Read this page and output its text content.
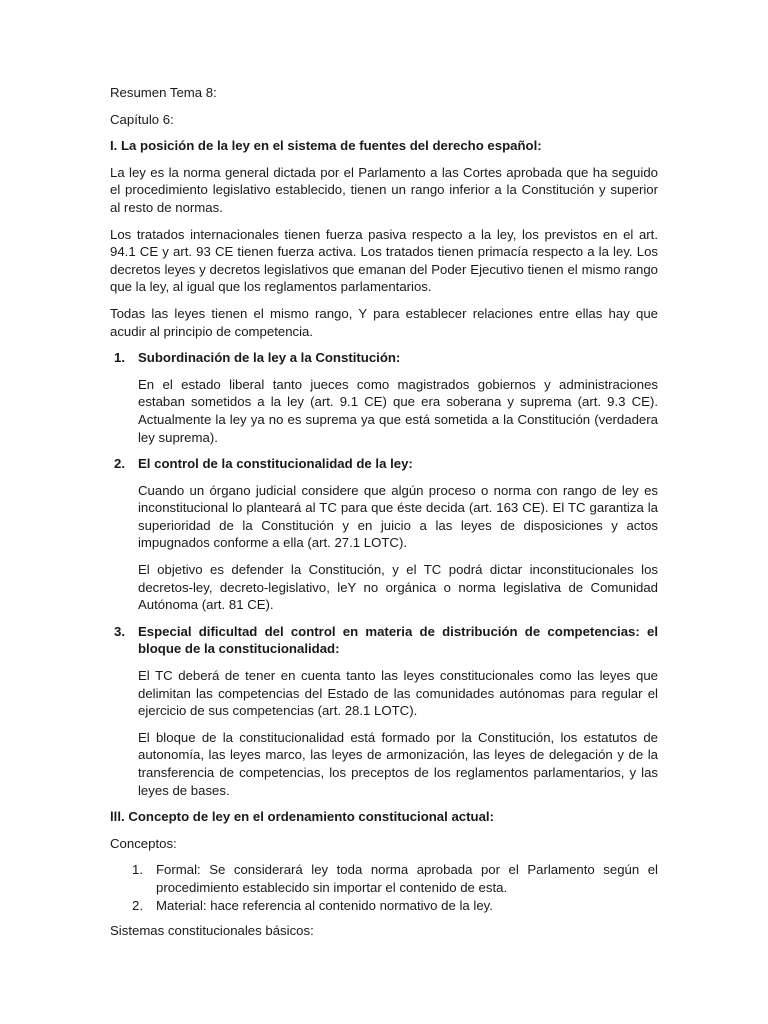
Resumen Tema 8:

Capítulo 6:

I. La posición de la ley en el sistema de fuentes del derecho español:

La ley es la norma general dictada por el Parlamento a las Cortes aprobada que ha seguido el procedimiento legislativo establecido, tienen un rango inferior a la Constitución y superior al resto de normas.

Los tratados internacionales tienen fuerza pasiva respecto a la ley, los previstos en el art. 94.1 CE y art. 93 CE tienen fuerza activa. Los tratados tienen primacía respecto a la ley. Los decretos leyes y decretos legislativos que emanan del Poder Ejecutivo tienen el mismo rango que la ley, al igual que los reglamentos parlamentarios.

Todas las leyes tienen el mismo rango, Y para establecer relaciones entre ellas hay que acudir al principio de competencia.

1. Subordinación de la ley a la Constitución:

En el estado liberal tanto jueces como magistrados gobiernos y administraciones estaban sometidos a la ley (art. 9.1 CE) que era soberana y suprema (art. 9.3 CE). Actualmente la ley ya no es suprema ya que está sometida a la Constitución (verdadera ley suprema).

2. El control de la constitucionalidad de la ley:

Cuando un órgano judicial considere que algún proceso o norma con rango de ley es inconstitucional lo planteará al TC para que éste decida (art. 163 CE). El TC garantiza la superioridad de la Constitución y en juicio a las leyes de disposiciones y actos impugnados conforme a ella (art. 27.1 LOTC).

El objetivo es defender la Constitución, y el TC podrá dictar inconstitucionales los decretos-ley, decreto-legislativo, leY no orgánica o norma legislativa de Comunidad Autónoma (art. 81 CE).

3. Especial dificultad del control en materia de distribución de competencias: el bloque de la constitucionalidad:

El TC deberá de tener en cuenta tanto las leyes constitucionales como las leyes que delimitan las competencias del Estado de las comunidades autónomas para regular el ejercicio de sus competencias (art. 28.1 LOTC).

El bloque de la constitucionalidad está formado por la Constitución, los estatutos de autonomía, las leyes marco, las leyes de armonización, las leyes de delegación y de la transferencia de competencias, los preceptos de los reglamentos parlamentarios, y las leyes de bases.

lll. Concepto de ley en el ordenamiento constitucional actual:

Conceptos:

1. Formal: Se considerará ley toda norma aprobada por el Parlamento según el procedimiento establecido sin importar el contenido de esta.
2. Material: hace referencia al contenido normativo de la ley.

Sistemas constitucionales básicos:
